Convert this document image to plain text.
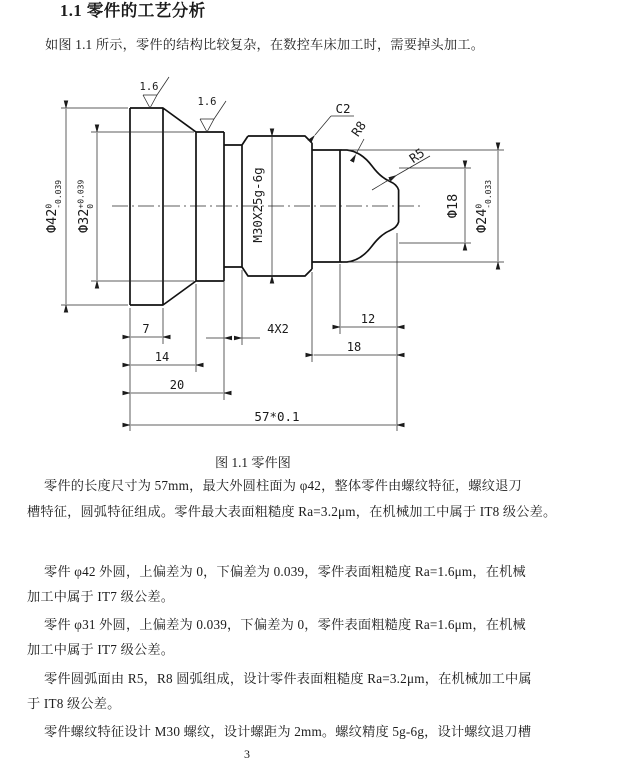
1.1 零件的工艺分析
如图 1.1 所示，零件的结构比较复杂，在数控车床加工时，需要掉头加工。
1.6
1.6	C2
R8
R5
7
14
20
4X2
12
18
57*0.1
$Ф42^0-0.039$
$Ф32^{+0.039}0$
$Ф24^0-0.033$
Ф18
M30X25g-6g
图 1.1 零件图
零件的长度尺寸为 57mm，最大外圆柱面为 φ42，整体零件由螺纹特征，螺纹退刀
槽特征，圆弧特征组成。零件最大表面粗糙度 Ra=3.2μm，在机械加工中属于 IT8 级公差。
零件 φ42 外圆，上偏差为 0，下偏差为 0.039，零件表面粗糙度 Ra=1.6μm，在机械
加工中属于 IT7 级公差。
零件 φ31 外圆，上偏差为 0.039，下偏差为 0，零件表面粗糙度 Ra=1.6μm，在机械
加工中属于 IT7 级公差。
零件圆弧面由 R5，R8 圆弧组成，设计零件表面粗糙度 Ra=3.2μm，在机械加工中属
于 IT8 级公差。
零件螺纹特征设计 M30 螺纹，设计螺距为 2mm。螺纹精度 5g-6g，设计螺纹退刀槽
3
